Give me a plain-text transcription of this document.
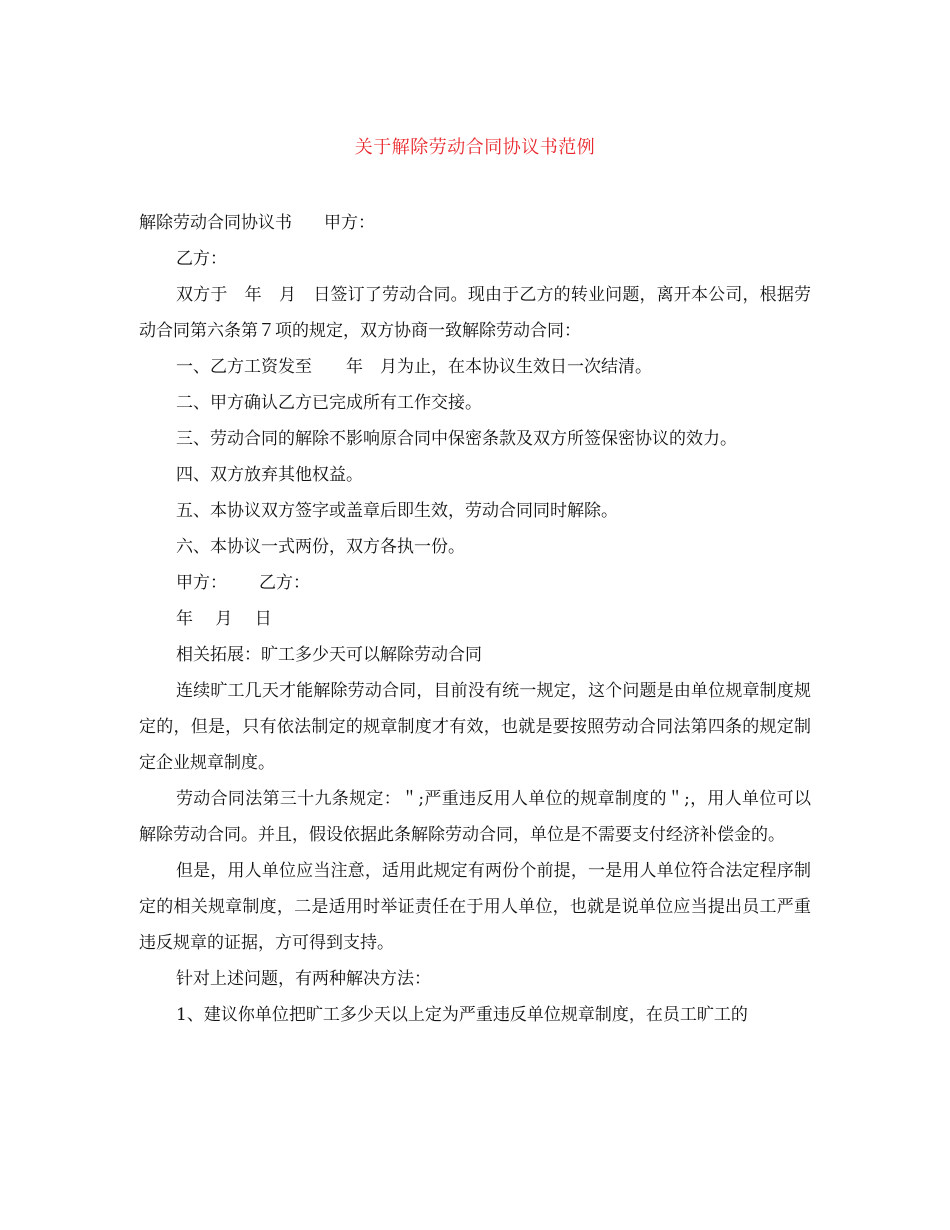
关于解除劳动合同协议书范例

解除劳动合同协议书 甲方：

乙方：

双方于　年　月　日签订了劳动合同。现由于乙方的转业问题，离开本公司，根据劳动合同第六条第７项的规定，双方协商一致解除劳动合同：

一、乙方工资发至　　年　月为止，在本协议生效日一次结清。

二、甲方确认乙方已完成所有工作交接。

三、劳动合同的解除不影响原合同中保密条款及双方所签保密协议的效力。

四、双方放弃其他权益。

五、本协议双方签字或盖章后即生效，劳动合同同时解除。

六、本协议一式两份，双方各执一份。

甲方： 乙方：

年　 月　 日

相关拓展：旷工多少天可以解除劳动合同

连续旷工几天才能解除劳动合同，目前没有统一规定，这个问题是由单位规章制度规定的，但是，只有依法制定的规章制度才有效，也就是要按照劳动合同法第四条的规定制定企业规章制度。

劳动合同法第三十九条规定：＂;严重违反用人单位的规章制度的＂;，用人单位可以解除劳动合同。并且，假设依据此条解除劳动合同，单位是不需要支付经济补偿金的。

但是，用人单位应当注意，适用此规定有两份个前提，一是用人单位符合法定程序制定的相关规章制度，二是适用时举证责任在于用人单位，也就是说单位应当提出员工严重违反规章的证据，方可得到支持。

针对上述问题，有两种解决方法：

1、建议你单位把旷工多少天以上定为严重违反单位规章制度，在员工旷工的
